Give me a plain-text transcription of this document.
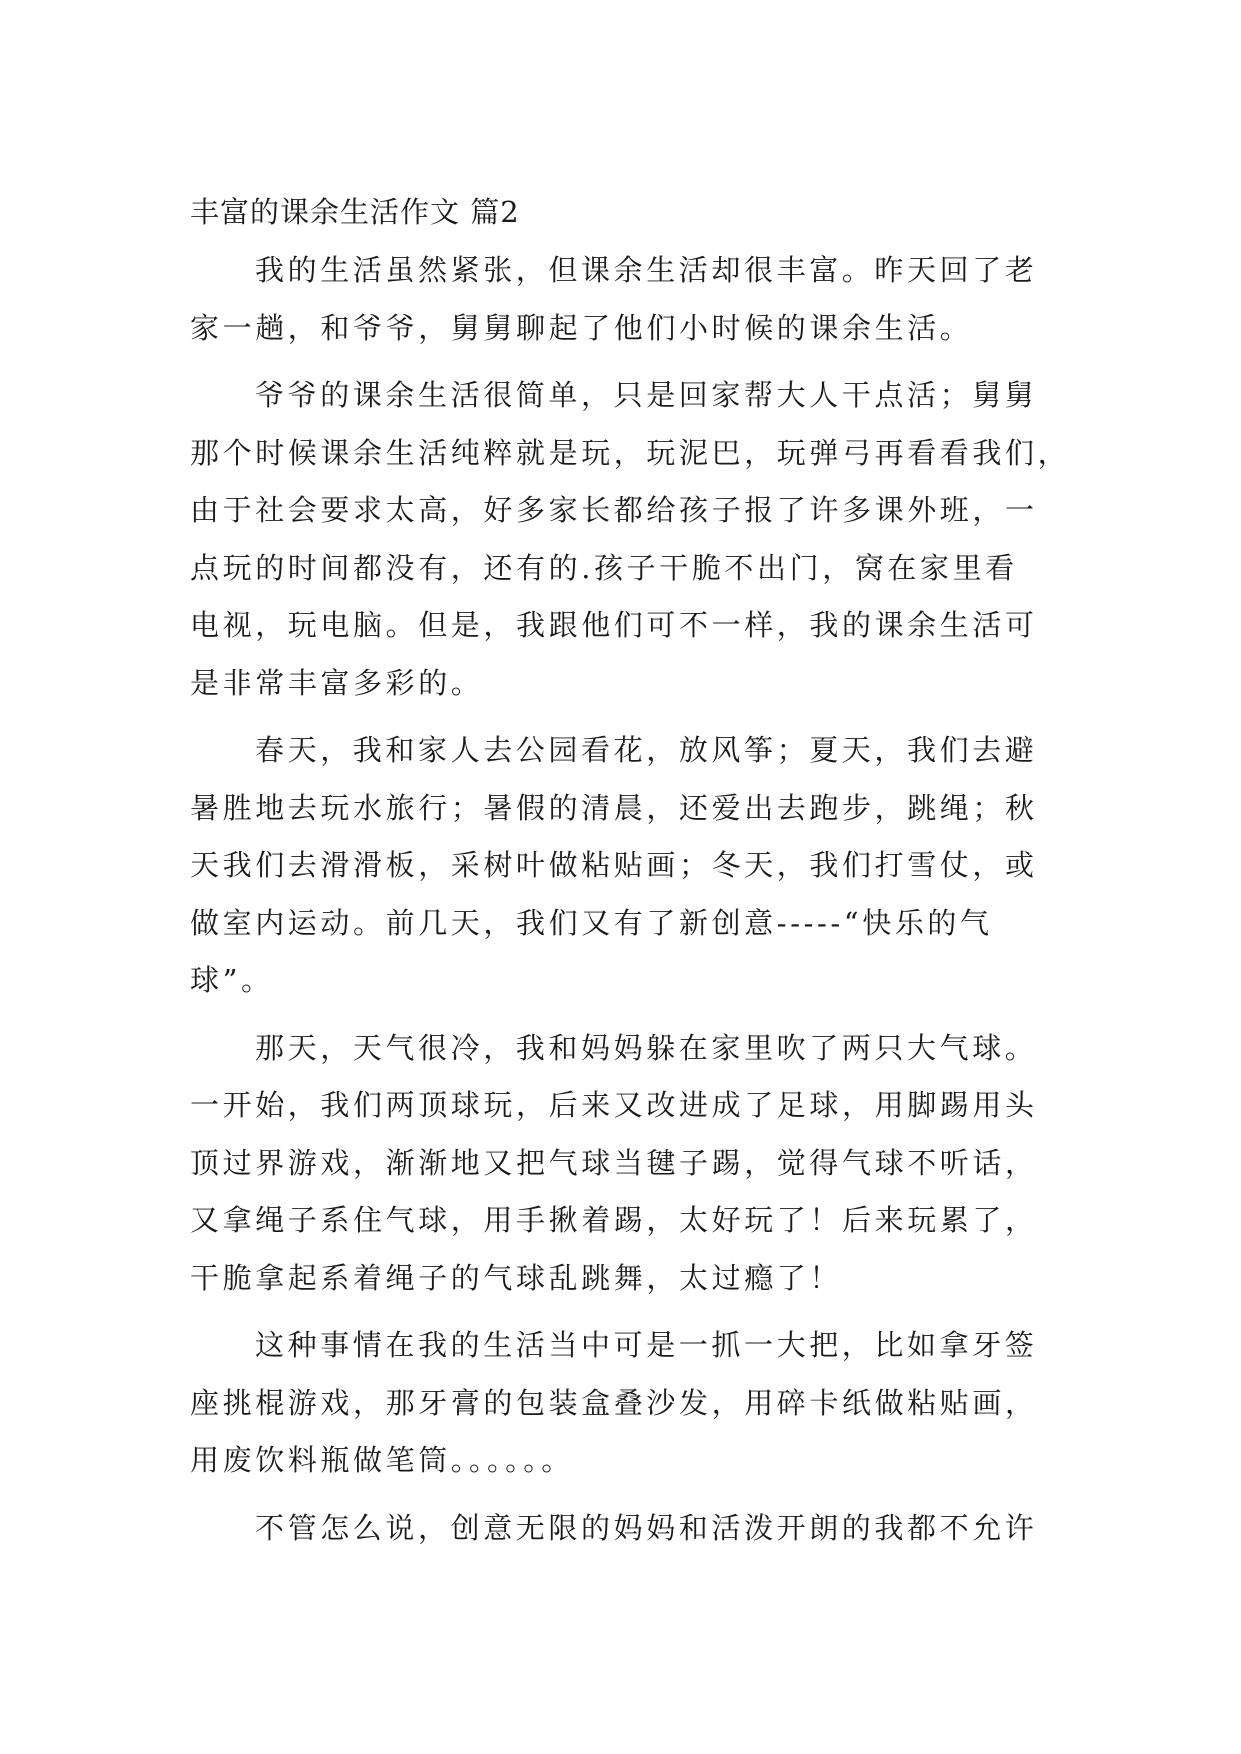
丰富的课余生活作文 篇2
我的生活虽然紧张，但课余生活却很丰富。昨天回了老
家一趟，和爷爷，舅舅聊起了他们小时候的课余生活。
爷爷的课余生活很简单，只是回家帮大人干点活；舅舅
那个时候课余生活纯粹就是玩，玩泥巴，玩弹弓再看看我们，
由于社会要求太高，好多家长都给孩子报了许多课外班，一
点玩的时间都没有，还有的.孩子干脆不出门，窝在家里看
电视，玩电脑。但是，我跟他们可不一样，我的课余生活可
是非常丰富多彩的。
春天，我和家人去公园看花，放风筝；夏天，我们去避
暑胜地去玩水旅行；暑假的清晨，还爱出去跑步，跳绳；秋
天我们去滑滑板，采树叶做粘贴画；冬天，我们打雪仗，或
做室内运动。前几天，我们又有了新创意-----“快乐的气
球”。
那天，天气很冷，我和妈妈躲在家里吹了两只大气球。
一开始，我们两顶球玩，后来又改进成了足球，用脚踢用头
顶过界游戏，渐渐地又把气球当毽子踢，觉得气球不听话，
又拿绳子系住气球，用手揪着踢，太好玩了！后来玩累了，
干脆拿起系着绳子的气球乱跳舞，太过瘾了！
这种事情在我的生活当中可是一抓一大把，比如拿牙签
座挑棍游戏，那牙膏的包装盒叠沙发，用碎卡纸做粘贴画，
用废饮料瓶做笔筒。。。。。。
不管怎么说，创意无限的妈妈和活泼开朗的我都不允许
